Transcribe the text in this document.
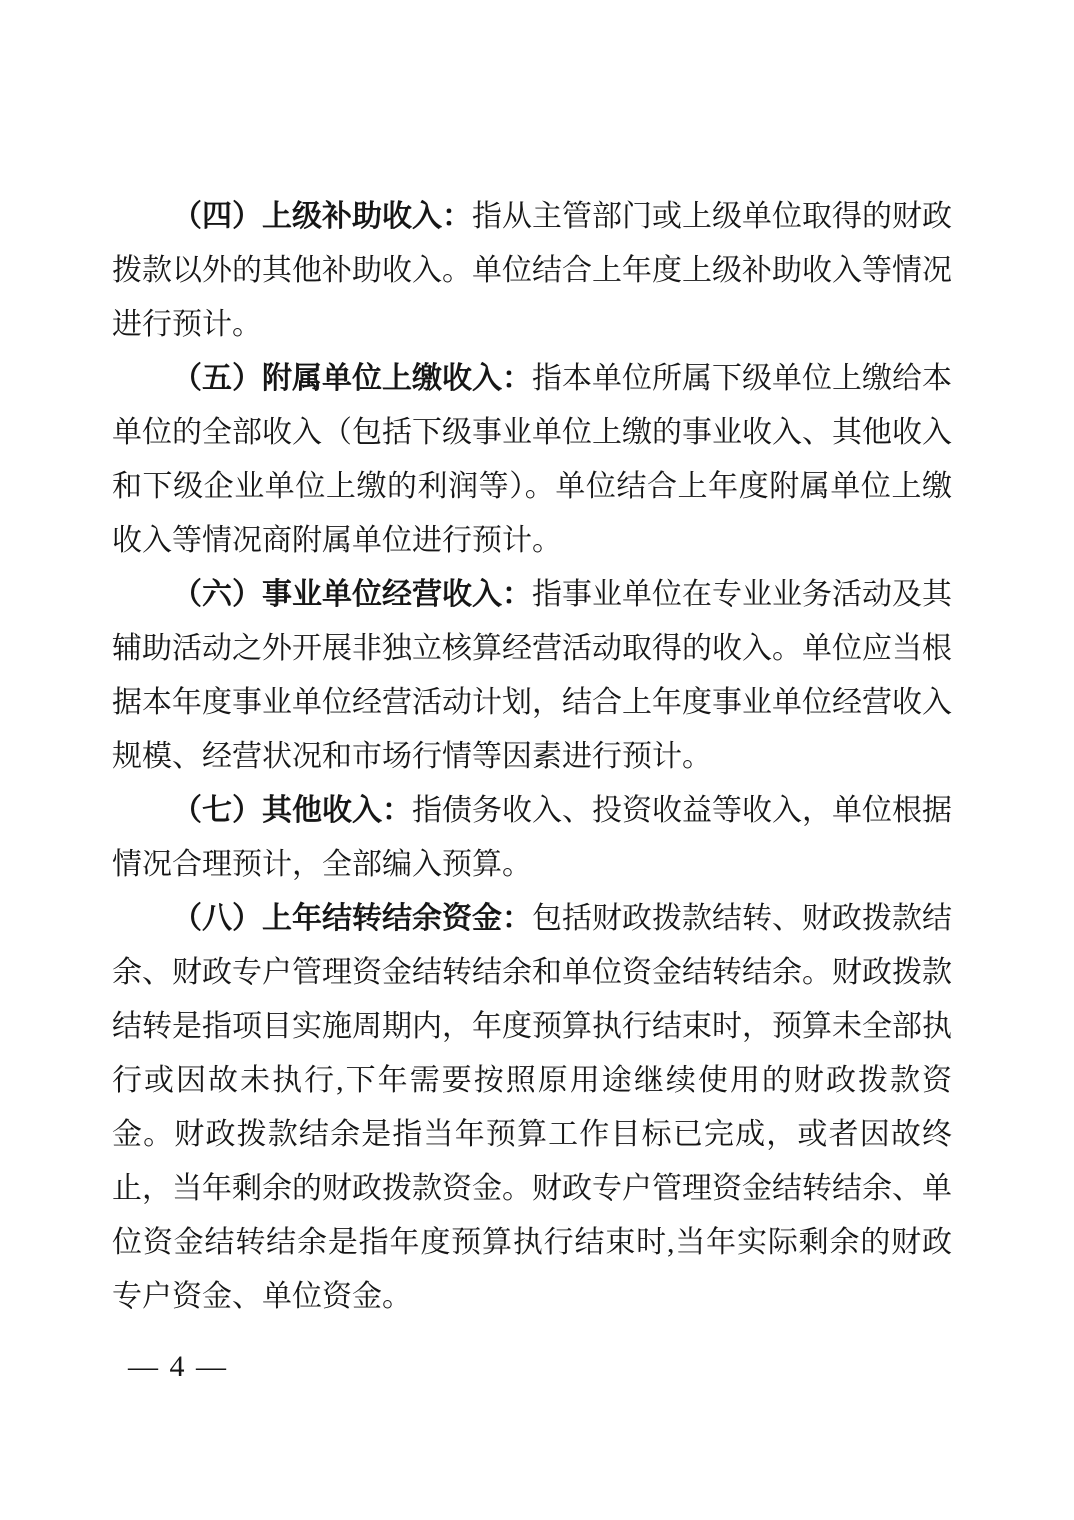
（四）上级补助收入：指从主管部门或上级单位取得的财政拨款以外的其他补助收入。单位结合上年度上级补助收入等情况进行预计。

（五）附属单位上缴收入：指本单位所属下级单位上缴给本单位的全部收入（包括下级事业单位上缴的事业收入、其他收入和下级企业单位上缴的利润等）。单位结合上年度附属单位上缴收入等情况商附属单位进行预计。

（六）事业单位经营收入：指事业单位在专业业务活动及其辅助活动之外开展非独立核算经营活动取得的收入。单位应当根据本年度事业单位经营活动计划，结合上年度事业单位经营收入规模、经营状况和市场行情等因素进行预计。

（七）其他收入：指债务收入、投资收益等收入，单位根据情况合理预计，全部编入预算。

（八）上年结转结余资金：包括财政拨款结转、财政拨款结余、财政专户管理资金结转结余和单位资金结转结余。财政拨款结转是指项目实施周期内，年度预算执行结束时，预算未全部执行或因故未执行,下年需要按照原用途继续使用的财政拨款资金。财政拨款结余是指当年预算工作目标已完成，或者因故终止，当年剩余的财政拨款资金。财政专户管理资金结转结余、单位资金结转结余是指年度预算执行结束时,当年实际剩余的财政专户资金、单位资金。

— 4 —
